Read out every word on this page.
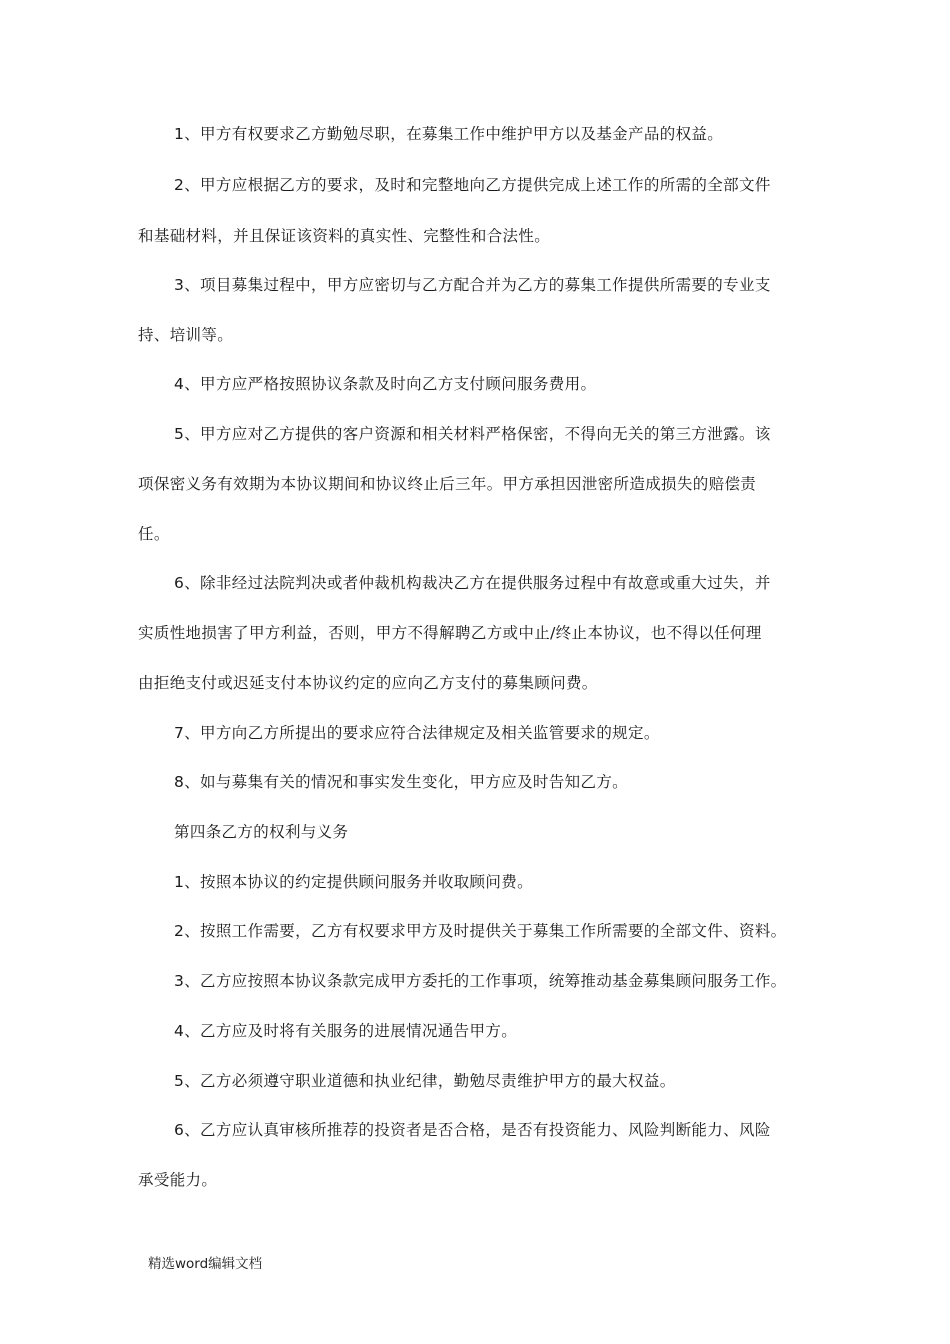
1、甲方有权要求乙方勤勉尽职，在募集工作中维护甲方以及基金产品的权益。
2、甲方应根据乙方的要求，及时和完整地向乙方提供完成上述工作的所需的全部文件
和基础材料，并且保证该资料的真实性、完整性和合法性。
3、项目募集过程中，甲方应密切与乙方配合并为乙方的募集工作提供所需要的专业支
持、培训等。
4、甲方应严格按照协议条款及时向乙方支付顾问服务费用。
5、甲方应对乙方提供的客户资源和相关材料严格保密，不得向无关的第三方泄露。该
项保密义务有效期为本协议期间和协议终止后三年。甲方承担因泄密所造成损失的赔偿责
任。
6、除非经过法院判决或者仲裁机构裁决乙方在提供服务过程中有故意或重大过失，并
实质性地损害了甲方利益，否则，甲方不得解聘乙方或中止/终止本协议，也不得以任何理
由拒绝支付或迟延支付本协议约定的应向乙方支付的募集顾问费。
7、甲方向乙方所提出的要求应符合法律规定及相关监管要求的规定。
8、如与募集有关的情况和事实发生变化，甲方应及时告知乙方。
第四条乙方的权利与义务
1、按照本协议的约定提供顾问服务并收取顾问费。
2、按照工作需要，乙方有权要求甲方及时提供关于募集工作所需要的全部文件、资料。
3、乙方应按照本协议条款完成甲方委托的工作事项，统筹推动基金募集顾问服务工作。
4、乙方应及时将有关服务的进展情况通告甲方。
5、乙方必须遵守职业道德和执业纪律，勤勉尽责维护甲方的最大权益。
6、乙方应认真审核所推荐的投资者是否合格，是否有投资能力、风险判断能力、风险
承受能力。
精选word编辑文档
